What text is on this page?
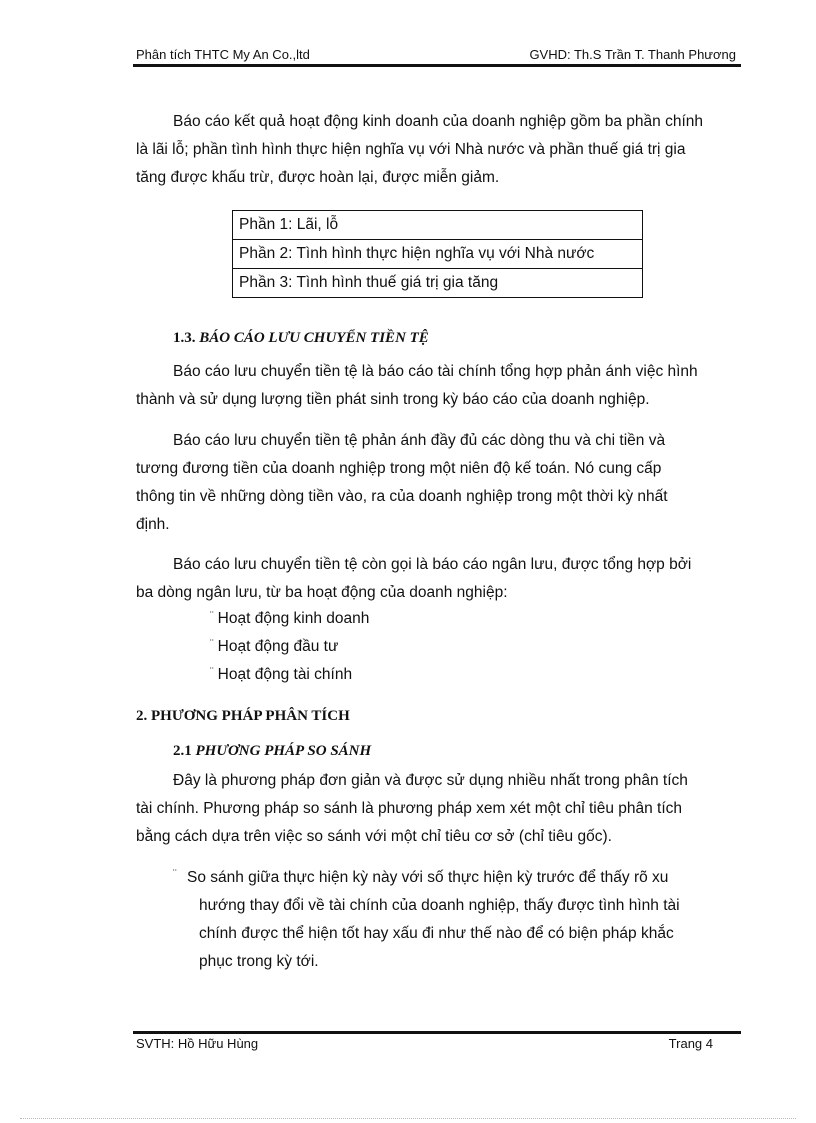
Phân tích THTC My An Co.,ltd	GVHD: Th.S Trần T. Thanh Phương
Báo cáo kết quả hoạt động kinh doanh của doanh nghiệp gồm ba phần chính
là lãi lỗ; phần tình hình thực hiện nghĩa vụ với Nhà nước và phần thuế giá trị gia
tăng được khấu trừ, được hoàn lại, được miễn giảm.
Phần 1: Lãi, lỗ
Phần 2: Tình hình thực hiện nghĩa vụ với Nhà nước
Phần 3: Tình hình thuế giá trị gia tăng
1.3. BÁO CÁO LƯU CHUYỂN TIỀN TỆ
Báo cáo lưu chuyển tiền tệ là báo cáo tài chính tổng hợp phản ánh việc hình
thành và sử dụng lượng tiền phát sinh trong kỳ báo cáo của doanh nghiệp.
Báo cáo lưu chuyển tiền tệ phản ánh đầy đủ các dòng thu và chi tiền và
tương đương tiền của doanh nghiệp trong một niên độ kế toán. Nó cung cấp
thông tin về những dòng tiền vào, ra của doanh nghiệp trong một thời kỳ nhất
định.
Báo cáo lưu chuyển tiền tệ còn gọi là báo cáo ngân lưu, được tổng hợp bởi
ba dòng ngân lưu, từ ba hoạt động của doanh nghiệp:
¨ Hoạt động kinh doanh
¨ Hoạt động đầu tư
¨ Hoạt động tài chính
2. PHƯƠNG PHÁP PHÂN TÍCH
2.1 PHƯƠNG PHÁP SO SÁNH
Đây là phương pháp đơn giản và được sử dụng nhiều nhất trong phân tích
tài chính. Phương pháp so sánh là phương pháp xem xét một chỉ tiêu phân tích
bằng cách dựa trên việc so sánh với một chỉ tiêu cơ sở (chỉ tiêu gốc).
¨ So sánh giữa thực hiện kỳ này với số thực hiện kỳ trước để thấy rõ xu
hướng thay đổi về tài chính của doanh nghiệp, thấy được tình hình tài
chính được thể hiện tốt hay xấu đi như thế nào để có biện pháp khắc
phục trong kỳ tới.
SVTH: Hồ Hữu Hùng	Trang 4
